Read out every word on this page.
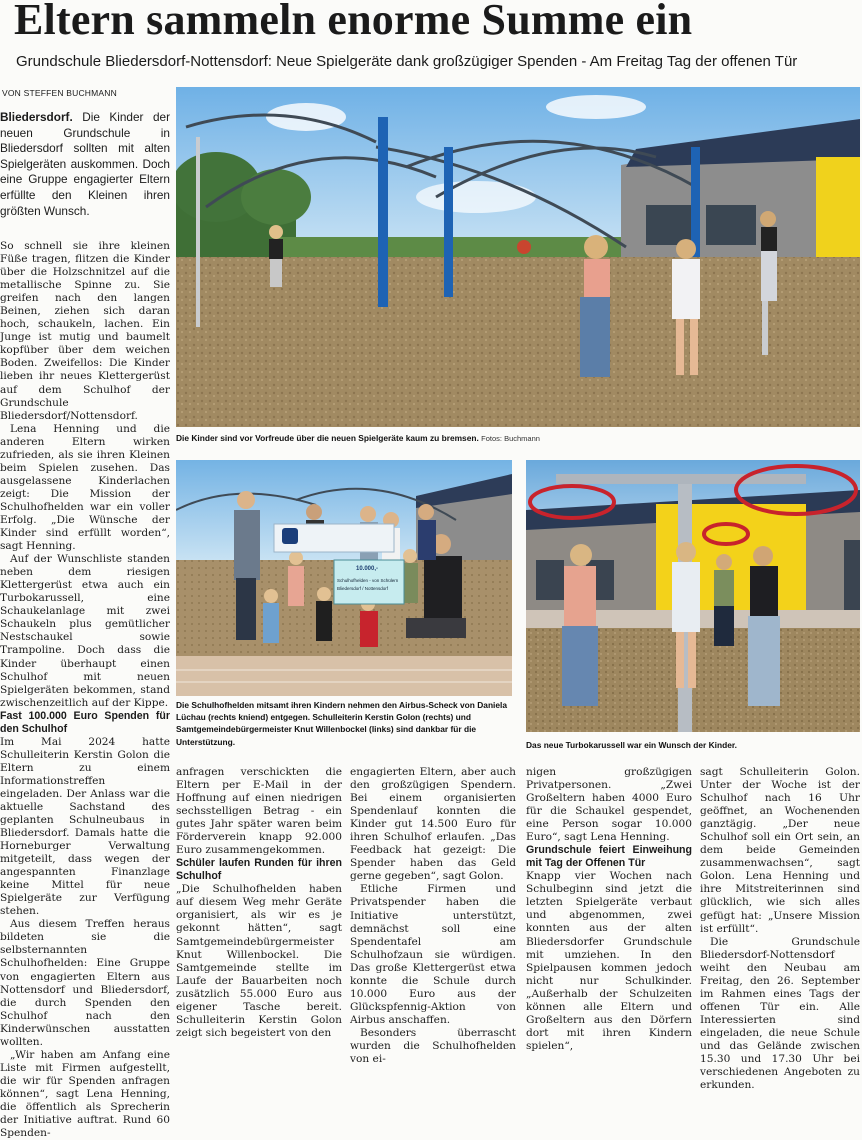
Eltern sammeln enorme Summe ein
Grundschule Bliedersdorf-Nottensdorf: Neue Spielgeräte dank großzügiger Spenden - Am Freitag Tag der offenen Tür
VON STEFFEN BUCHMANN
Bliedersdorf. Die Kinder der neuen Grundschule in Bliedersdorf sollten mit alten Spielgeräten auskommen. Doch eine Gruppe engagierter Eltern erfüllte den Kleinen ihren größten Wunsch.

So schnell sie ihre kleinen Füße tragen, flitzen die Kinder über die Holzschnitzel auf die metallische Spinne zu. Sie greifen nach den langen Beinen, ziehen sich daran hoch, schaukeln, lachen. Ein Junge ist mutig und baumelt kopfüber über dem weichen Boden. Zweifellos: Die Kinder lieben ihr neues Klettergerüst auf dem Schulhof der Grundschule Bliedersdorf/Nottensdorf.

Lena Henning und die anderen Eltern wirken zufrieden, als sie ihren Kleinen beim Spielen zusehen. Das ausgelassene Kinderlachen zeigt: Die Mission der Schulhofhelden war ein voller Erfolg. „Die Wünsche der Kinder sind erfüllt worden“, sagt Henning.

Auf der Wunschliste standen neben dem riesigen Klettergerüst etwa auch ein Turbokarussell, eine Schaukelanlage mit zwei Schaukeln plus gemütlicher Nestschaukel sowie Trampoline. Doch dass die Kinder überhaupt einen Schulhof mit neuen Spielgeräten bekommen, stand zwischenzeitlich auf der Kippe.

Fast 100.000 Euro Spenden für den Schulhof

Im Mai 2024 hatte Schulleiterin Kerstin Golon die Eltern zu einem Informationstreffen eingeladen. Der Anlass war die aktuelle Sachstand des geplanten Schulneubaus in Bliedersdorf. Damals hatte die Horneburger Verwaltung mitgeteilt, dass wegen der angespannten Finanzlage keine Mittel für neue Spielgeräte zur Verfügung stehen.

Aus diesem Treffen heraus bildeten sie die selbsternannten Schulhofhelden: Eine Gruppe von engagierten Eltern aus Nottensdorf und Bliedersdorf, die durch Spenden den Schulhof nach den Kinderwünschen ausstatten wollten.

„Wir haben am Anfang eine Liste mit Firmen aufgestellt, die wir für Spenden anfragen können“, sagt Lena Henning, die öffentlich als Sprecherin der Initiative auftrat. Rund 60 Spenden-

anfragen verschickten die Eltern per E-Mail in der Hoffnung auf einen niedrigen sechsstelligen Betrag - ein gutes Jahr später waren beim Förderverein knapp 92.000 Euro zusammengekommen.

Schüler laufen Runden für ihren Schulhof

„Die Schulhofhelden haben auf diesem Weg mehr Geräte organisiert, als wir es je gekonnt hätten“, sagt Samtgemeindebürgermeister Knut Willenbockel. Die Samtgemeinde stellte im Laufe der Bauarbeiten noch zusätzlich 55.000 Euro aus eigener Tasche bereit. Schulleiterin Kerstin Golon zeigt sich begeistert von den

engagierten Eltern, aber auch den großzügigen Spendern. Bei einem organisierten Spendenlauf konnten die Kinder gut 14.500 Euro für ihren Schulhof erlaufen. „Das Feedback hat gezeigt: Die Spender haben das Geld gerne gegeben“, sagt Golon.

Etliche Firmen und Privatspender haben die Initiative unterstützt, demnächst soll eine Spendentafel am Schulhofzaun sie würdigen. Das große Klettergerüst etwa konnte die Schule durch 10.000 Euro aus der Glückspfennig-Aktion von Airbus anschaffen.

Besonders überrascht wurden die Schulhofhelden von ei-

nigen großzügigen Privatpersonen. „Zwei Großeltern haben 4000 Euro für die Schaukel gespendet, eine Person sogar 10.000 Euro“, sagt Lena Henning.

Grundschule feiert Einweihung mit Tag der Offenen Tür

Knapp vier Wochen nach Schulbeginn sind jetzt die letzten Spielgeräte verbaut und abgenommen, zwei konnten aus der alten Bliedersdorfer Grundschule mit umziehen. In den Spielpausen kommen jedoch nicht nur Schulkinder. „Außerhalb der Schulzeiten können alle Eltern und Großeltern aus den Dörfern dort mit ihren Kindern spielen“,

sagt Schulleiterin Golon. Unter der Woche ist der Schulhof nach 16 Uhr geöffnet, an Wochenenden ganztägig. „Der neue Schulhof soll ein Ort sein, an dem beide Gemeinden zusammenwachsen“, sagt Golon. Lena Henning und ihre Mitstreiterinnen sind glücklich, wie sich alles gefügt hat: „Unsere Mission ist erfüllt“.

Die Grundschule Bliedersdorf-Nottensdorf weiht den Neubau am Freitag, den 26. September im Rahmen eines Tags der offenen Tür ein. Alle Interessierten sind eingeladen, die neue Schule und das Gelände zwischen 15.30 und 17.30 Uhr bei verschiedenen Angeboten zu erkunden.

Die Kinder sind vor Vorfreude über die neuen Spielgeräte kaum zu bremsen. Fotos: Buchmann
10.000,-
Schulhofhelden - von Schülern
Bliedersdorf / Nottensdorf
Die Schulhofhelden mitsamt ihren Kindern nehmen den Airbus-Scheck von Daniela Lüchau (rechts kniend) entgegen. Schulleiterin Kerstin Golon (rechts) und Samtgemeindebürgermeister Knut Willenbockel (links) sind dankbar für die Unterstützung.	Das neue Turbokarussell war ein Wunsch der Kinder.
